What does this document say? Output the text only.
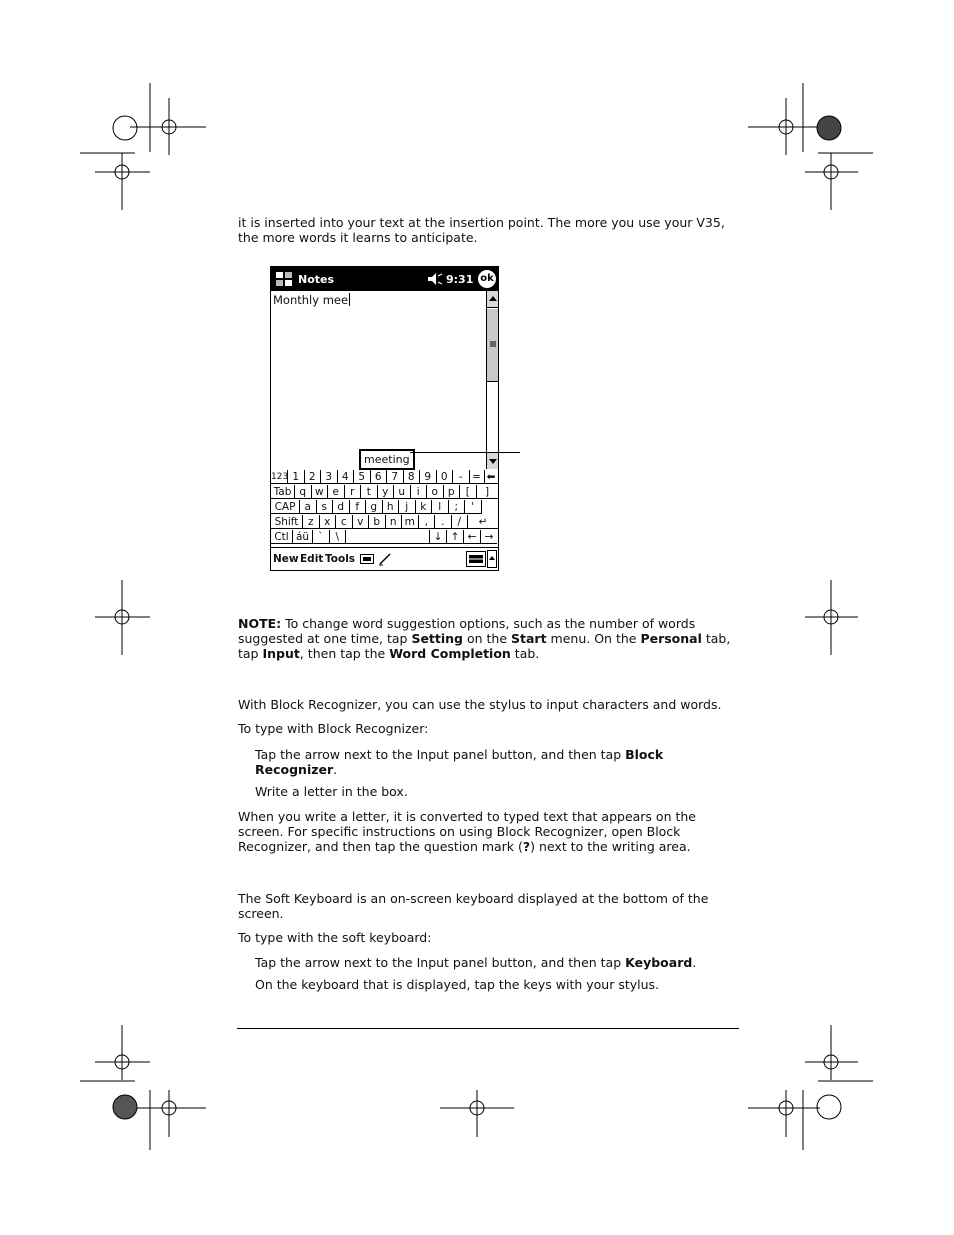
it is inserted into your text at the insertion point. The more you use your V35, the more words it learns to anticipate.

Notes	9:31 ok
Monthly mee
meeting
123 1 2 3 4 5 6 7 8 9 0	- = ⬅
Tab q w e	r	t	y u	i	o p	[	]
CAP a	s d	f	g h	j	k	l	;	'
Shift z	x	c	v b n m ,	.	/	↵
Ctl áü `	\	↓ ↑ ← →
New Edit Tools

NOTE: To change word suggestion options, such as the number of words suggested at one time, tap Setting on the Start menu. On the Personal tab, tap Input, then tap the Word Completion tab.

With Block Recognizer, you can use the stylus to input characters and words.

To type with Block Recognizer:

Tap the arrow next to the Input panel button, and then tap Block Recognizer.

Write a letter in the box.

When you write a letter, it is converted to typed text that appears on the screen. For specific instructions on using Block Recognizer, open Block Recognizer, and then tap the question mark (?) next to the writing area.

The Soft Keyboard is an on-screen keyboard displayed at the bottom of the screen.

To type with the soft keyboard:

Tap the arrow next to the Input panel button, and then tap Keyboard.

On the keyboard that is displayed, tap the keys with your stylus.
